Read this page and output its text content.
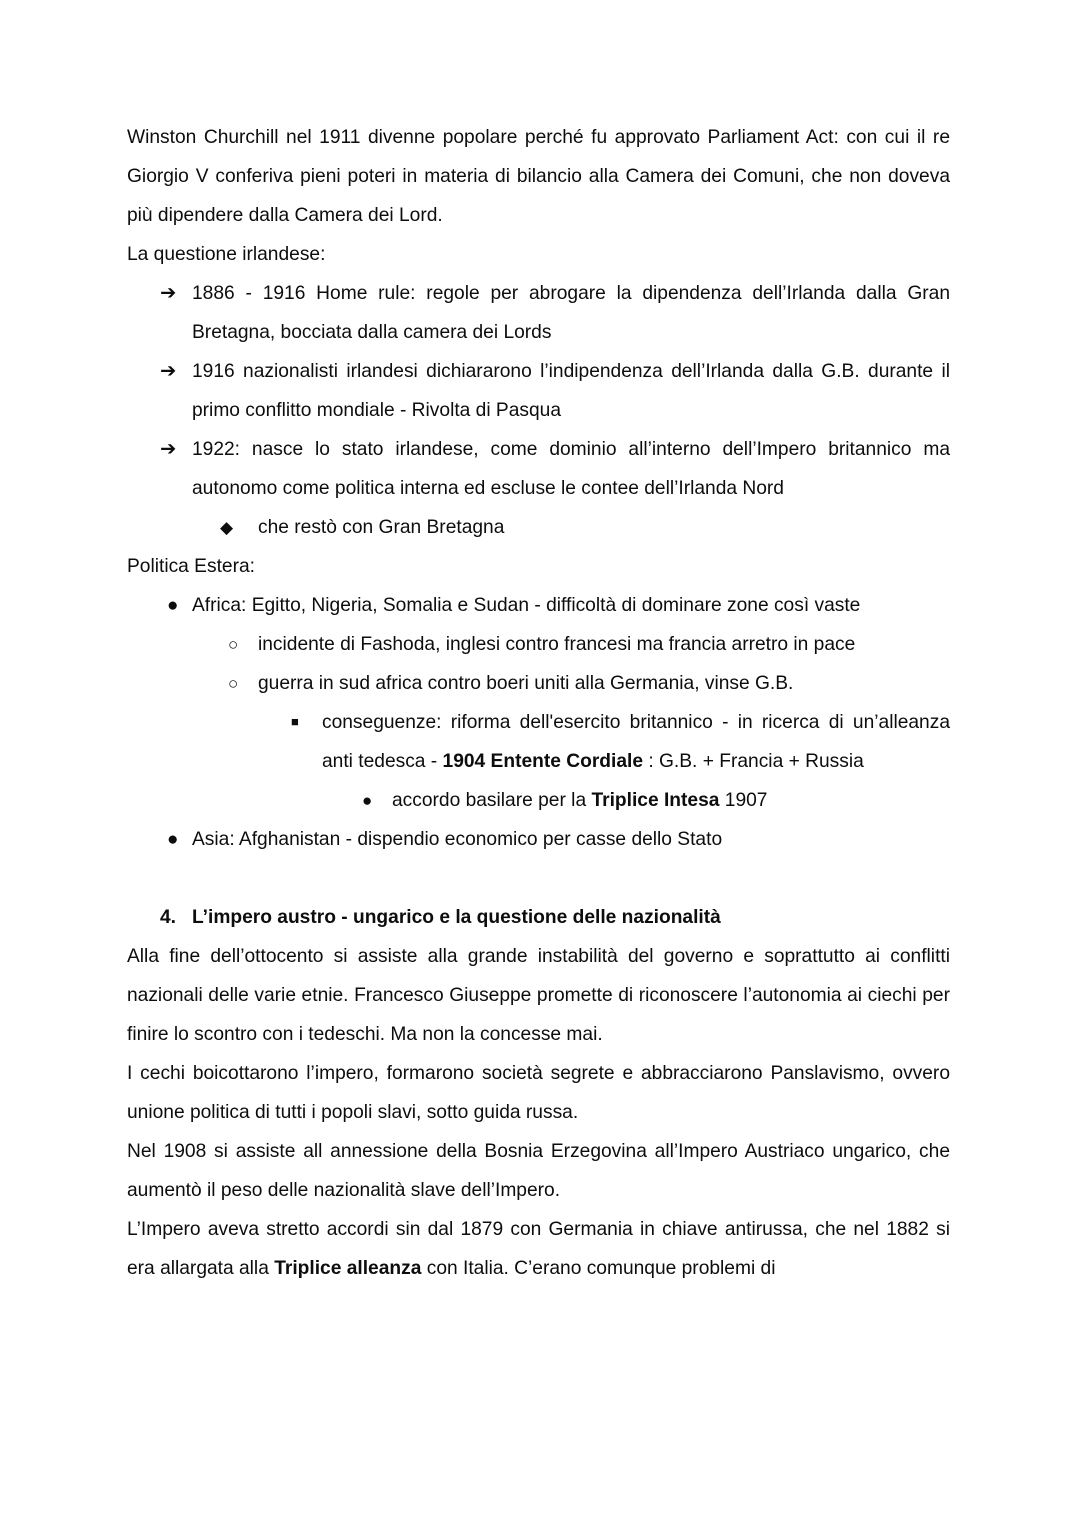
Winston Churchill nel 1911 divenne popolare perché fu approvato Parliament Act: con cui il re Giorgio V conferiva pieni poteri in materia di bilancio alla Camera dei Comuni, che non doveva più dipendere dalla Camera dei Lord.

La questione irlandese:

➔ 1886 - 1916 Home rule: regole per abrogare la dipendenza dell’Irlanda dalla Gran Bretagna, bocciata dalla camera dei Lords
➔ 1916 nazionalisti irlandesi dichiararono l’indipendenza dell’Irlanda dalla G.B. durante il primo conflitto mondiale - Rivolta di Pasqua
➔ 1922: nasce lo stato irlandese, come dominio all’interno dell’Impero britannico ma autonomo come politica interna ed escluse le contee dell’Irlanda Nord
◆ che restò con Gran Bretagna

Politica Estera:

● Africa: Egitto, Nigeria, Somalia e Sudan - difficoltà di dominare zone così vaste
○ incidente di Fashoda, inglesi contro francesi ma francia arretro in pace
○ guerra in sud africa contro boeri uniti alla Germania, vinse G.B.
■ conseguenze: riforma dell'esercito britannico - in ricerca di un’alleanza anti tedesca - 1904 Entente Cordiale : G.B. + Francia + Russia
● accordo basilare per la Triplice Intesa 1907
● Asia: Afghanistan - dispendio economico per casse dello Stato

4. L’impero austro - ungarico e la questione delle nazionalità

Alla fine dell’ottocento si assiste alla grande instabilità del governo e soprattutto ai conflitti nazionali delle varie etnie. Francesco Giuseppe promette di riconoscere l’autonomia ai ciechi per finire lo scontro con i tedeschi. Ma non la concesse mai.

I cechi boicottarono l’impero, formarono società segrete e abbracciarono Panslavismo, ovvero unione politica di tutti i popoli slavi, sotto guida russa.

Nel 1908 si assiste all annessione della Bosnia Erzegovina all’Impero Austriaco ungarico, che aumentò il peso delle nazionalità slave dell’Impero.

L’Impero aveva stretto accordi sin dal 1879 con Germania in chiave antirussa, che nel 1882 si era allargata alla Triplice alleanza con Italia. C’erano comunque problemi di
